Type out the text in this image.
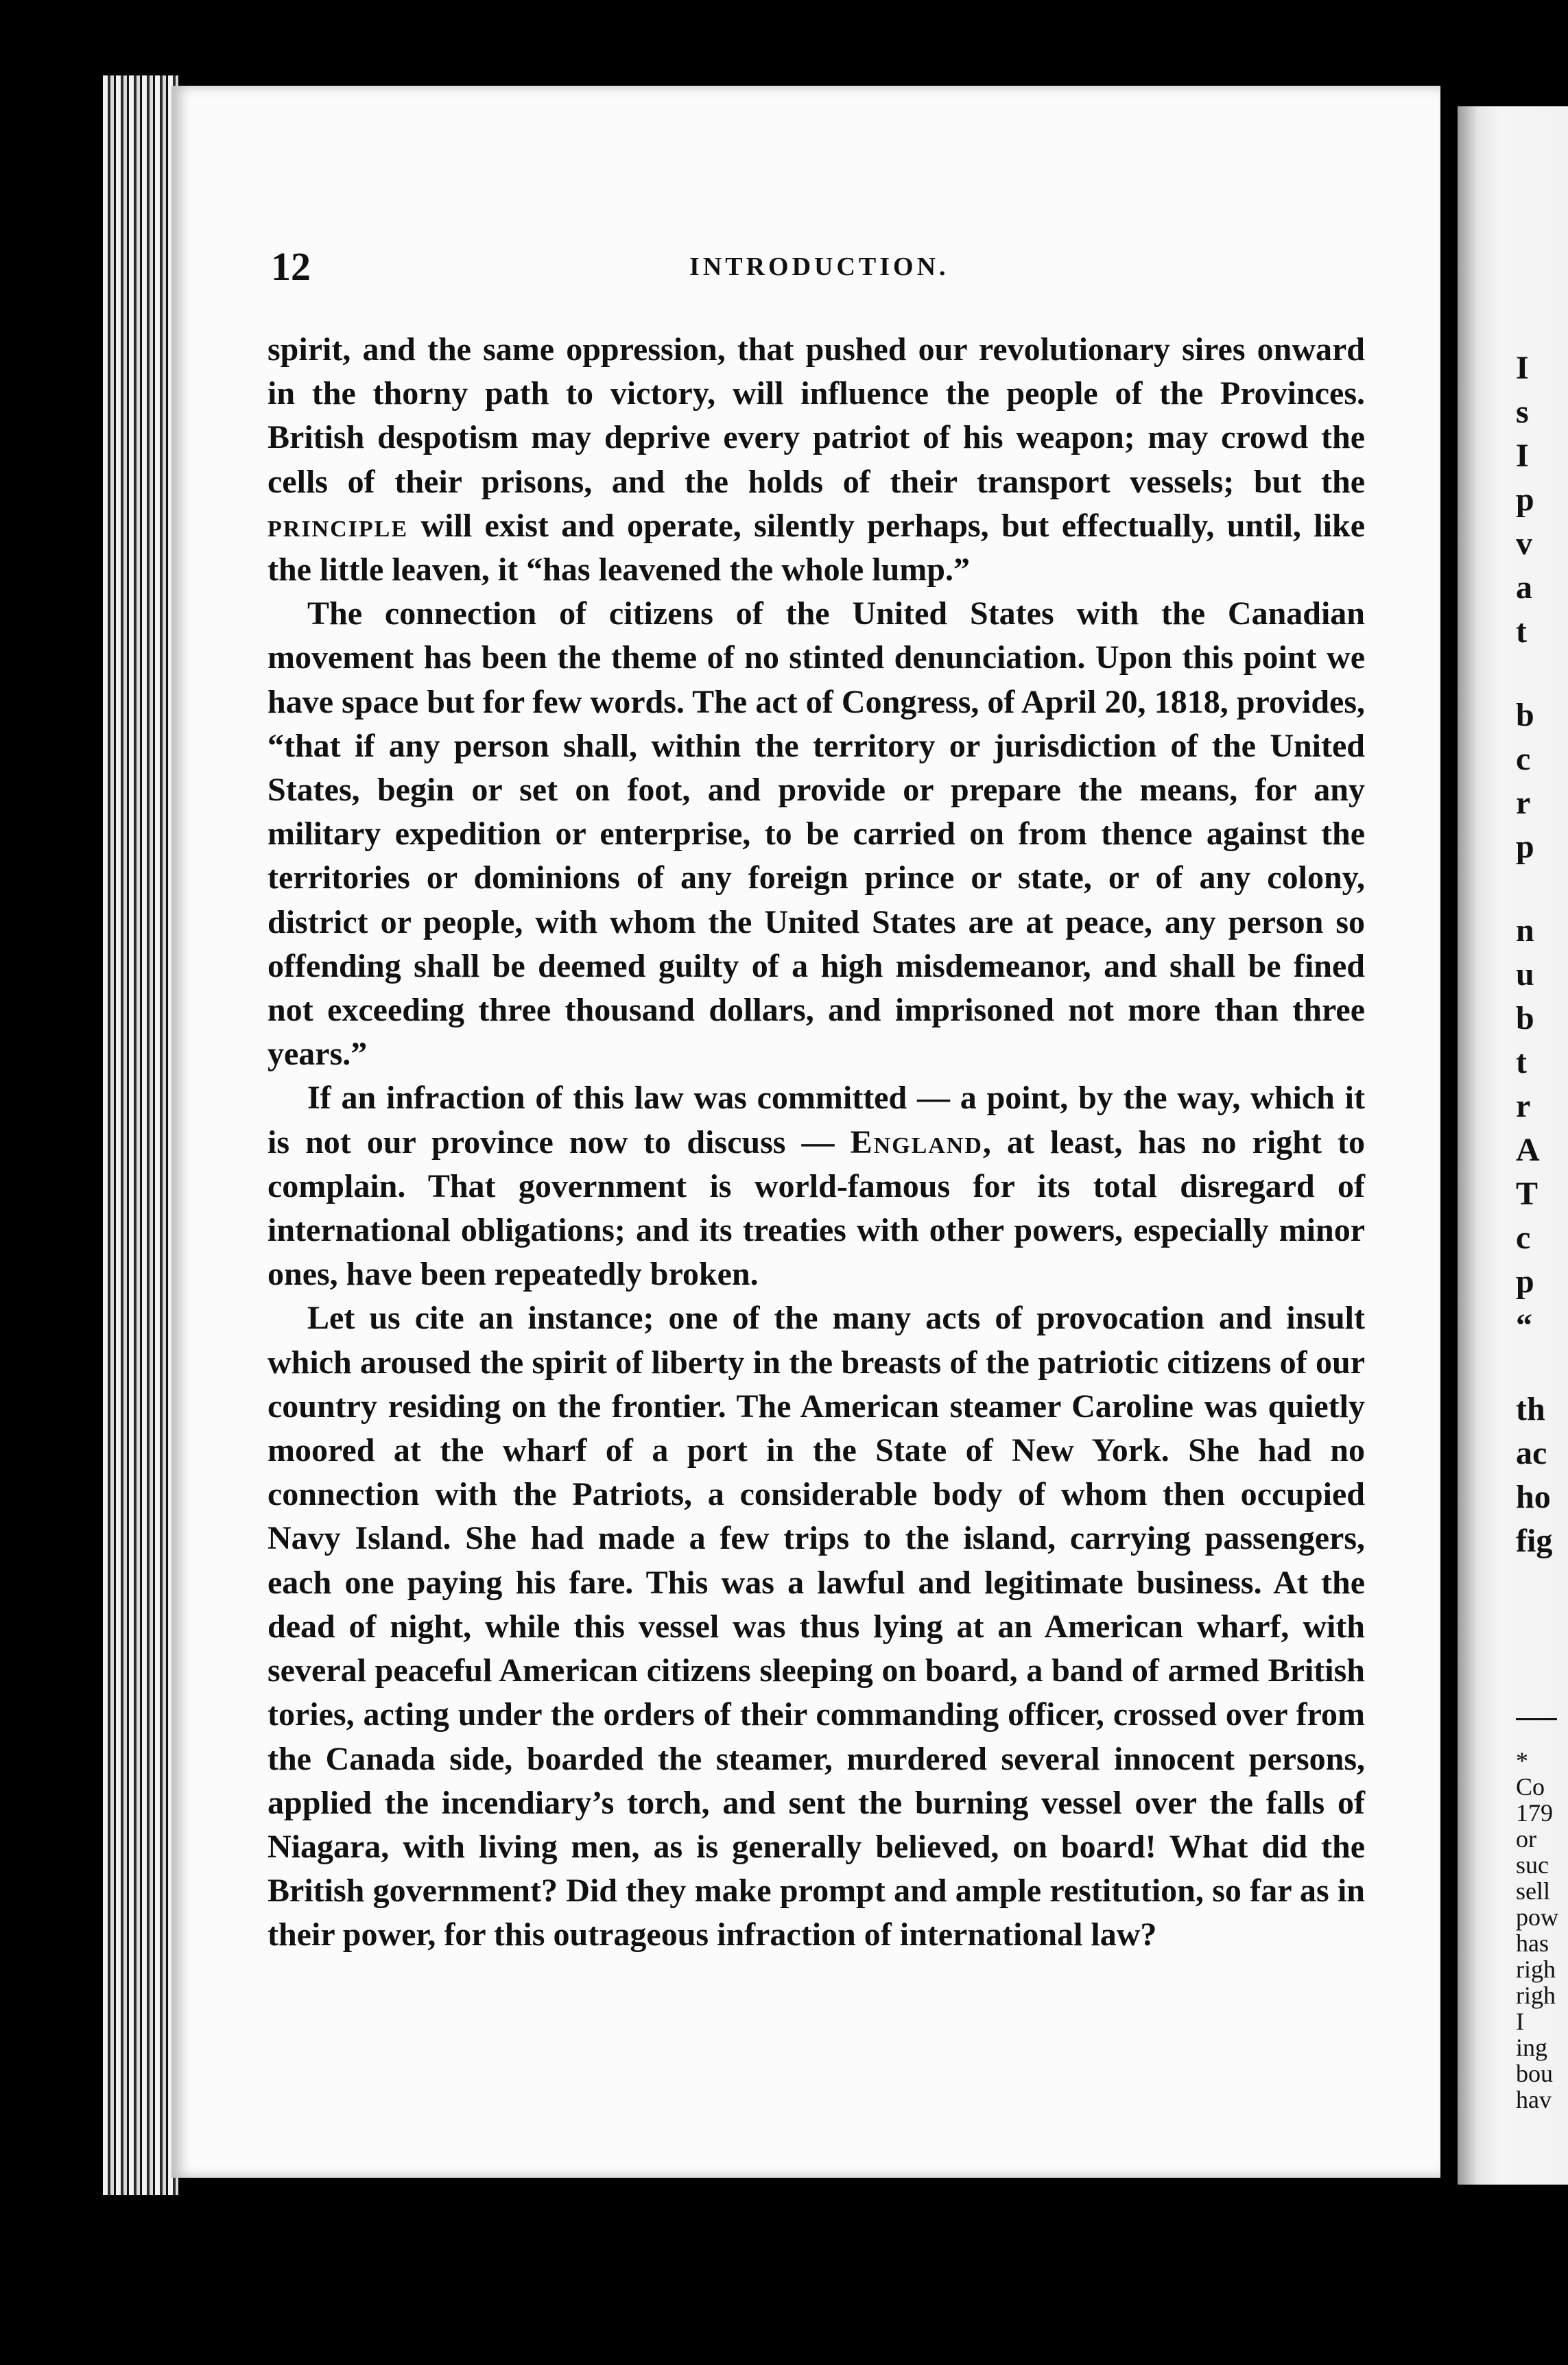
I
s
I
p
v
a
t
b
c
r
p
n
u
b
t
r
A
T
c
p
“
th
ac
ho
fig
*
Co
179
or
suc
sell
pow
has
righ
righ
I
ing
bou
hav
12	INTRODUCTION.

spirit, and the same oppression, that pushed our revolutionary sires onward in the thorny path to victory, will influence the people of the Provinces. British despotism may deprive every patriot of his weapon; may crowd the cells of their prisons, and the holds of their transport vessels; but the principle will exist and operate, silently perhaps, but effectually, until, like the little leaven, it “has leavened the whole lump.”

The connection of citizens of the United States with the Canadian movement has been the theme of no stinted denunciation. Upon this point we have space but for few words. The act of Congress, of April 20, 1818, provides, “that if any person shall, within the territory or jurisdiction of the United States, begin or set on foot, and provide or prepare the means, for any military expedition or enterprise, to be carried on from thence against the territories or dominions of any foreign prince or state, or of any colony, district or people, with whom the United States are at peace, any person so offending shall be deemed guilty of a high misdemeanor, and shall be fined not exceeding three thousand dollars, and imprisoned not more than three years.”

If an infraction of this law was committed — a point, by the way, which it is not our province now to discuss — England, at least, has no right to complain. That government is world-famous for its total disregard of international obligations; and its treaties with other powers, especially minor ones, have been repeatedly broken.

Let us cite an instance; one of the many acts of provocation and insult which aroused the spirit of liberty in the breasts of the patriotic citizens of our country residing on the frontier. The American steamer Caroline was quietly moored at the wharf of a port in the State of New York. She had no connection with the Patriots, a considerable body of whom then occupied Navy Island. She had made a few trips to the island, carrying passengers, each one paying his fare. This was a lawful and legitimate business. At the dead of night, while this vessel was thus lying at an American wharf, with several peaceful American citizens sleeping on board, a band of armed British tories, acting under the orders of their commanding officer, crossed over from the Canada side, boarded the steamer, murdered several innocent persons, applied the incendiary’s torch, and sent the burning vessel over the falls of Niagara, with living men, as is generally believed, on board! What did the British government? Did they make prompt and ample restitution, so far as in their power, for this outrageous infraction of international law?
